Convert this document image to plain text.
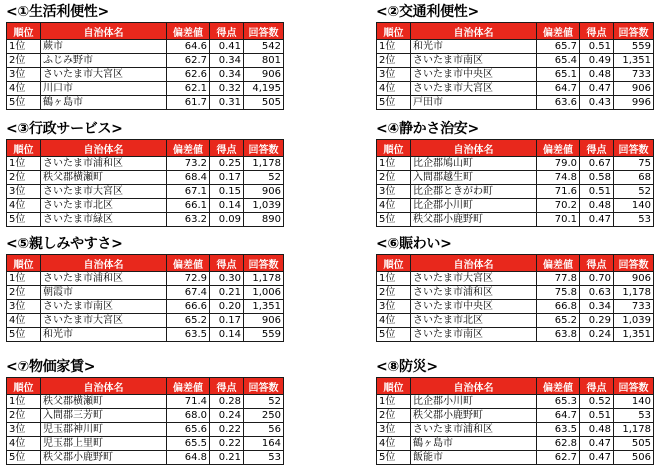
<①生活利便性>
順位	自治体名	偏差値	得点	回答数
1位	蕨市	64.6	0.41	542
2位	ふじみ野市	62.7	0.34	801
3位	さいたま市大宮区	62.6	0.34	906
4位	川口市	62.1	0.32	4,195
5位	鶴ヶ島市	61.7	0.31	505
<②交通利便性>
順位	自治体名	偏差値	得点	回答数
1位	和光市	65.7	0.51	559
2位	さいたま市南区	65.4	0.49	1,351
3位	さいたま市中央区	65.1	0.48	733
4位	さいたま市大宮区	64.7	0.47	906
5位	戸田市	63.6	0.43	996
<③行政サービス>
順位	自治体名	偏差値	得点	回答数
1位	さいたま市浦和区	73.2	0.25	1,178
2位	秩父郡横瀬町	68.4	0.17	52
3位	さいたま市大宮区	67.1	0.15	906
4位	さいたま市北区	66.1	0.14	1,039
5位	さいたま市緑区	63.2	0.09	890
<④静かさ治安>
順位	自治体名	偏差値	得点	回答数
1位	比企郡鳩山町	79.0	0.67	75
2位	入間郡越生町	74.8	0.58	68
3位	比企郡ときがわ町	71.6	0.51	52
4位	比企郡小川町	70.2	0.48	140
5位	秩父郡小鹿野町	70.1	0.47	53
<⑤親しみやすさ>
順位	自治体名	偏差値	得点	回答数
1位	さいたま市浦和区	72.9	0.30	1,178
2位	朝霞市	67.4	0.21	1,006
3位	さいたま市南区	66.6	0.20	1,351
4位	さいたま市大宮区	65.2	0.17	906
5位	和光市	63.5	0.14	559
<⑥賑わい>
順位	自治体名	偏差値	得点	回答数
1位	さいたま市大宮区	77.8	0.70	906
2位	さいたま市浦和区	75.8	0.63	1,178
3位	さいたま市中央区	66.8	0.34	733
4位	さいたま市北区	65.2	0.29	1,039
5位	さいたま市南区	63.8	0.24	1,351
<⑦物価家賃>
順位	自治体名	偏差値	得点	回答数
1位	秩父郡横瀬町	71.4	0.28	52
2位	入間郡三芳町	68.0	0.24	250
3位	児玉郡神川町	65.6	0.22	56
4位	児玉郡上里町	65.5	0.22	164
5位	秩父郡小鹿野町	64.8	0.21	53
<⑧防災>
順位	自治体名	偏差値	得点	回答数
1位	比企郡小川町	65.3	0.52	140
2位	秩父郡小鹿野町	64.7	0.51	53
3位	さいたま市浦和区	63.5	0.48	1,178
4位	鶴ヶ島市	62.8	0.47	505
5位	飯能市	62.7	0.47	506
